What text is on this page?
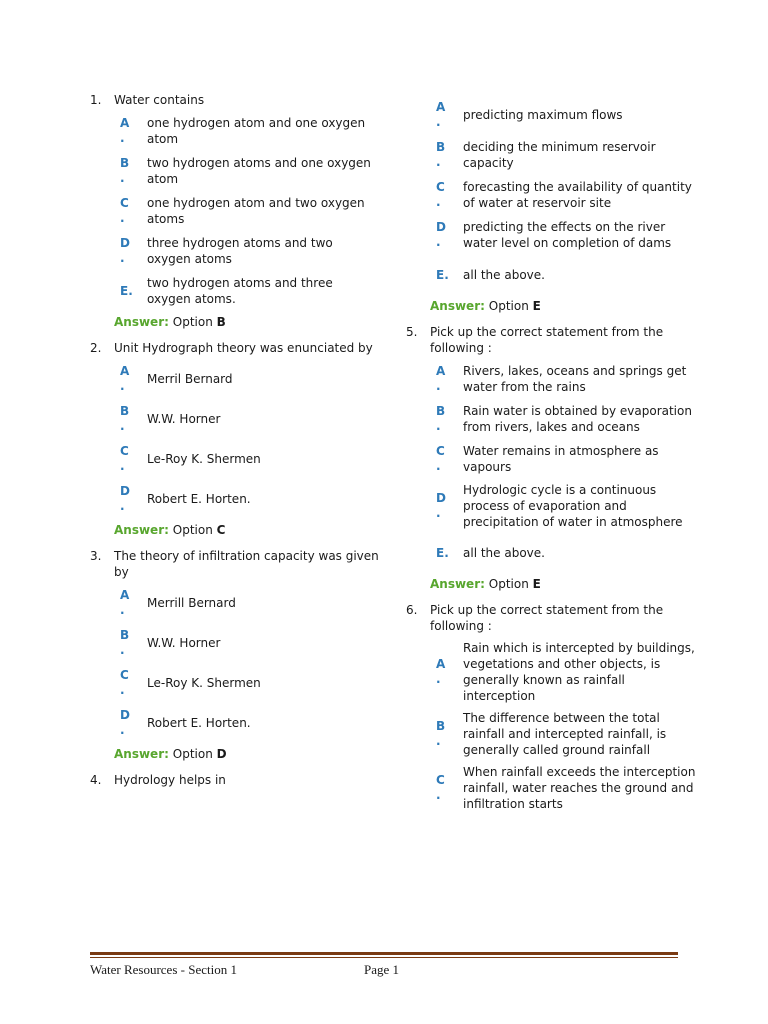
1.	Water contains
A
.
one hydrogen atom and one oxygen atom
B
.
two hydrogen atoms and one oxygen atom
C
.
one hydrogen atom and two oxygen atoms
D
.
three hydrogen atoms and two oxygen atoms
E.
two hydrogen atoms and three oxygen atoms.
Answer: Option B
2.	Unit Hydrograph theory was enunciated by
A
.	Merril Bernard
B
.	W.W. Horner
C
.	Le-Roy K. Shermen
D
.	Robert E. Horten.
Answer: Option C
3.	The theory of infiltration capacity was given by
A
.	Merrill Bernard
B
.	W.W. Horner
C
.	Le-Roy K. Shermen
D
.	Robert E. Horten.
Answer: Option D
4.	Hydrology helps in
A
.	predicting maximum flows
B
.
deciding the minimum reservoir capacity
C
.
forecasting the availability of quantity of water at reservoir site
D
.
predicting the effects on the river water level on completion of dams
E.	all the above.
Answer: Option E
5.	Pick up the correct statement from the following :
A
.
Rivers, lakes, oceans and springs get water from the rains
B
.
Rain water is obtained by evaporation from rivers, lakes and oceans
C
.
Water remains in atmosphere as vapours
D
.
Hydrologic cycle is a continuous process of evaporation and precipitation of water in atmosphere
E.	all the above.
Answer: Option E
6.	Pick up the correct statement from the following :
A
.
Rain which is intercepted by buildings, vegetations and other objects, is generally known as rainfall interception
B
.
The difference between the total rainfall and intercepted rainfall, is generally called ground rainfall
C
.
When rainfall exceeds the interception rainfall, water reaches the ground and infiltration starts
Water Resources - Section 1	Page 1
